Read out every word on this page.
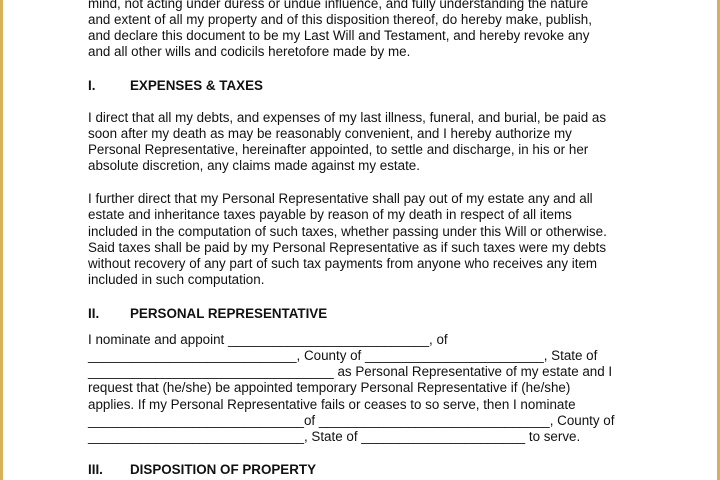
mind, not acting under duress or undue influence, and fully understanding the nature

and extent of all my property and of this disposition thereof, do hereby make, publish,

and declare this document to be my Last Will and Testament, and hereby revoke any

and all other wills and codicils heretofore made by me.

I.	EXPENSES & TAXES

I direct that all my debts, and expenses of my last illness, funeral, and burial, be paid as

soon after my death as may be reasonably convenient, and I hereby authorize my

Personal Representative, hereinafter appointed, to settle and discharge, in his or her

absolute discretion, any claims made against my estate.

I further direct that my Personal Representative shall pay out of my estate any and all

estate and inheritance taxes payable by reason of my death in respect of all items

included in the computation of such taxes, whether passing under this Will or otherwise.

Said taxes shall be paid by my Personal Representative as if such taxes were my debts

without recovery of any part of such tax payments from anyone who receives any item

included in such computation.

II. PERSONAL REPRESENTATIVE

I nominate and appoint ___________________________, of

____________________________, County of ________________________, State of

_________________________________ as Personal Representative of my estate and I

request that (he/she) be appointed temporary Personal Representative if (he/she)

applies. If my Personal Representative fails or ceases to so serve, then I nominate

_____________________________of _______________________________, County of

_____________________________, State of ______________________ to serve.

III. DISPOSITION OF PROPERTY
